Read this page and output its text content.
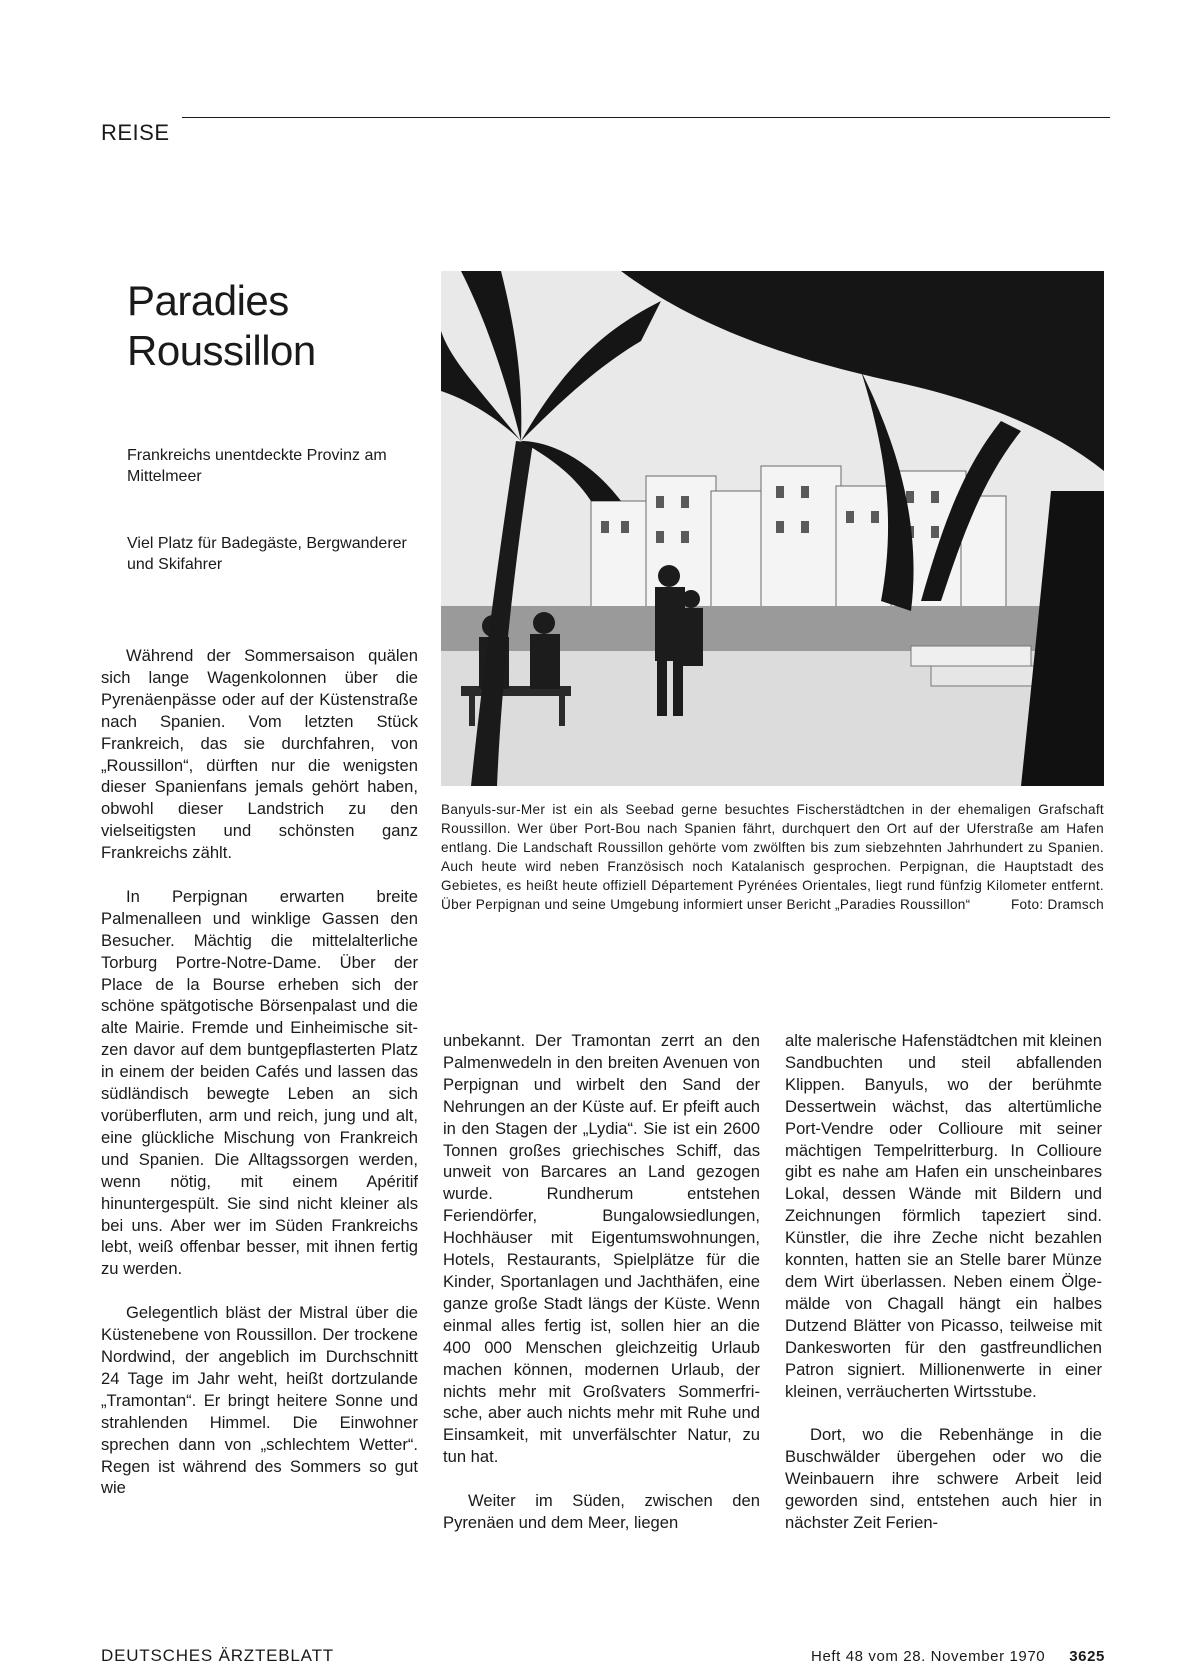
REISE
Paradies
Roussillon

Frankreichs unentdeckte Provinz am Mittelmeer

Viel Platz für Badegäste, Bergwanderer und Skifahrer

Banyuls-sur-Mer ist ein als Seebad gerne besuchtes Fischerstädtchen in der ehemaligen Grafschaft Roussillon. Wer über Port-Bou nach Spanien fährt, durchquert den Ort auf der Uferstraße am Hafen entlang. Die Landschaft Roussillon gehörte vom zwölften bis zum siebzehnten Jahrhundert zu Spanien. Auch heute wird neben Französisch noch Katalanisch gesprochen. Perpignan, die Hauptstadt des Gebietes, es heißt heute offiziell Département Pyrénées Orientales, liegt rund fünfzig Kilometer entfernt. Über Perpignan und seine Umgebung informiert unser Bericht „Paradies Roussillon“	Foto: Dramsch

Während der Sommersaison quälen sich lange Wagenkolonnen über die Pyrenäenpässe oder auf der Küstenstraße nach Spanien. Vom letzten Stück Frankreich, das sie durchfahren, von „Roussillon“, dürften nur die wenigsten dieser Spanienfans jemals gehört haben, obwohl dieser Landstrich zu den vielseitigsten und schönsten ganz Frankreichs zählt.

In Perpignan erwarten breite Palmenalleen und winklige Gassen den Besucher. Mächtig die mittelalterliche Torburg Portre-Notre-Dame. Über der Place de la Bourse erheben sich der schöne spätgotische Börsenpalast und die alte Mairie. Fremde und Einheimische sitzen davor auf dem buntgepflasterten Platz in einem der beiden Cafés und lassen das südländisch bewegte Leben an sich vorüberfluten, arm und reich, jung und alt, eine glückliche Mischung von Frankreich und Spanien. Die Alltagssorgen werden, wenn nötig, mit einem Apéritif hinuntergespült. Sie sind nicht kleiner als bei uns. Aber wer im Süden Frankreichs lebt, weiß offenbar besser, mit ihnen fertig zu werden.

Gelegentlich bläst der Mistral über die Küstenebene von Roussillon. Der trockene Nordwind, der angeblich im Durchschnitt 24 Tage im Jahr weht, heißt dortzulande „Tramontan“. Er bringt heitere Sonne und strahlenden Himmel. Die Einwohner sprechen dann von „schlechtem Wetter“. Regen ist während des Sommers so gut wie

unbekannt. Der Tramontan zerrt an den Palmenwedeln in den breiten Avenuen von Perpignan und wirbelt den Sand der Nehrungen an der Küste auf. Er pfeift auch in den Stagen der „Lydia“. Sie ist ein 2600 Tonnen großes griechisches Schiff, das unweit von Barcares an Land gezogen wurde. Rundherum entstehen Feriendörfer, Bungalowsiedlungen, Hochhäuser mit Eigentumswohnungen, Hotels, Restaurants, Spielplätze für die Kinder, Sportanlagen und Jachthäfen, eine ganze große Stadt längs der Küste. Wenn einmal alles fertig ist, sollen hier an die 400 000 Menschen gleichzeitig Urlaub machen können, modernen Urlaub, der nichts mehr mit Großvaters Sommerfrische, aber auch nichts mehr mit Ruhe und Einsamkeit, mit unverfälschter Natur, zu tun hat.

Weiter im Süden, zwischen den Pyrenäen und dem Meer, liegen

alte malerische Hafenstädtchen mit kleinen Sandbuchten und steil abfallenden Klippen. Banyuls, wo der berühmte Dessertwein wächst, das altertümliche Port-Vendre oder Collioure mit seiner mächtigen Tempelritterburg. In Collioure gibt es nahe am Hafen ein unscheinbares Lokal, dessen Wände mit Bildern und Zeichnungen förmlich tapeziert sind. Künstler, die ihre Zeche nicht bezahlen konnten, hatten sie an Stelle barer Münze dem Wirt überlassen. Neben einem Ölgemälde von Chagall hängt ein halbes Dutzend Blätter von Picasso, teilweise mit Dankesworten für den gastfreundlichen Patron signiert. Millionenwerte in einer kleinen, verräucherten Wirtsstube.

Dort, wo die Rebenhänge in die Buschwälder übergehen oder wo die Weinbauern ihre schwere Arbeit leid geworden sind, entstehen auch hier in nächster Zeit Ferien-

DEUTSCHES ÄRZTEBLATT	Heft 48 vom 28. November 1970 3625
